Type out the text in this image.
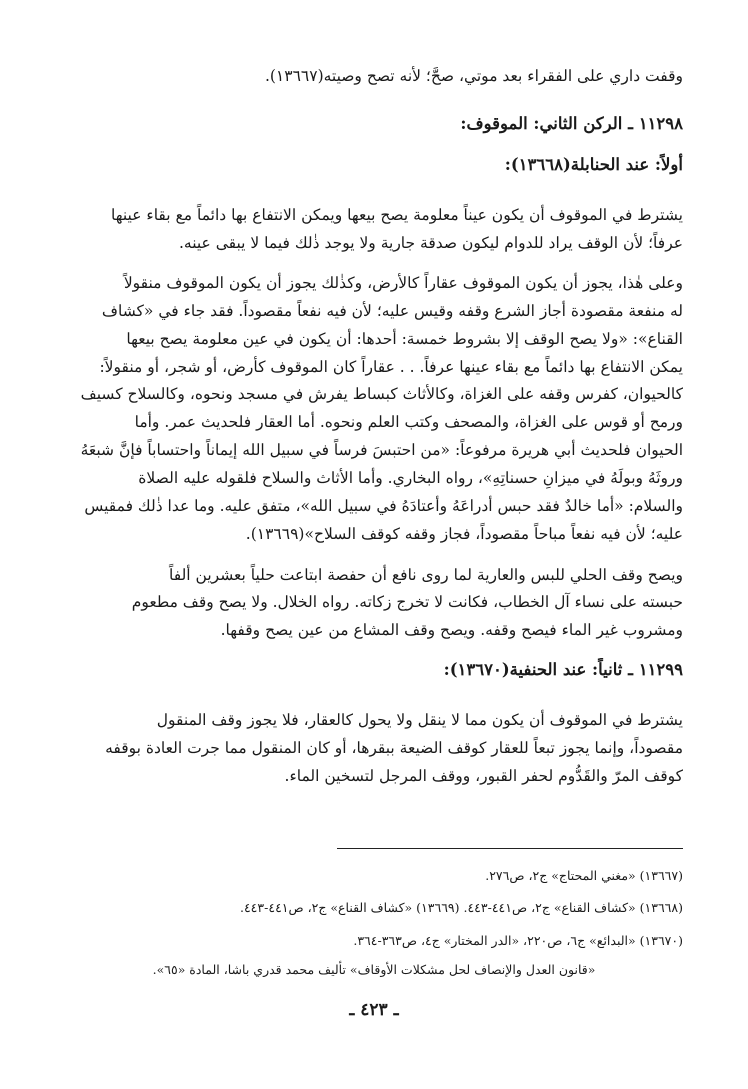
وقفت داري على الفقراء بعد موتي، صحَّ؛ لأنه تصح وصيته(١٣٦٦٧).
١١٢٩٨ ـ الركن الثاني: الموقوف:
أولاً: عند الحنابلة(١٣٦٦٨):
يشترط في الموقوف أن يكون عيناً معلومة يصح بيعها ويمكن الانتفاع بها دائماً مع بقاء عينها
عرفاً؛ لأن الوقف يراد للدوام ليكون صدقة جارية ولا يوجد ذٰلك فيما لا يبقى عينه.
وعلى هٰذا، يجوز أن يكون الموقوف عقاراً كالأرض، وكذٰلك يجوز أن يكون الموقوف منقولاً
له منفعة مقصودة أجاز الشرع وقفه وقيس عليه؛ لأن فيه نفعاً مقصوداً. فقد جاء في «كشاف
القناع»: «ولا يصح الوقف إلا بشروط خمسة: أحدها: أن يكون في عين معلومة يصح بيعها
يمكن الانتفاع بها دائماً مع بقاء عينها عرفاً. . . عقاراً كان الموقوف كأرض، أو شجر، أو منقولاً:
كالحيوان، كفرس وقفه على الغزاة، وكالأثاث كبساط يفرش في مسجد ونحوه، وكالسلاح كسيف
ورمح أو قوس على الغزاة، والمصحف وكتب العلم ونحوه. أما العقار فلحديث عمر. وأما
الحيوان فلحديث أبي هريرة مرفوعاً: «من احتبسَ فرساً في سبيل الله إيماناً واحتساباً فإنَّ شبعَهُ
وروثَهُ وبولَهُ في ميزانِ حسناتِهِ»، رواه البخاري. وأما الأثاث والسلاح فلقوله عليه الصلاة
والسلام: «أما خالدٌ فقد حبس أدراعَهُ وأعتادَهُ في سبيل الله»، متفق عليه. وما عدا ذٰلك فمقيس
عليه؛ لأن فيه نفعاً مباحاً مقصوداً، فجاز وقفه كوقف السلاح»(١٣٦٦٩).
ويصح وقف الحلي للبس والعارية لما روى نافع أن حفصة ابتاعت حلياً بعشرين ألفاً
حبسته على نساء آل الخطاب، فكانت لا تخرج زكاته. رواه الخلال. ولا يصح وقف مطعوم
ومشروب غير الماء فيصح وقفه. ويصح وقف المشاع من عين يصح وقفها.
١١٢٩٩ ـ ثانياً: عند الحنفية(١٣٦٧٠):
يشترط في الموقوف أن يكون مما لا ينقل ولا يحول كالعقار، فلا يجوز وقف المنقول
مقصوداً، وإنما يجوز تبعاً للعقار كوقف الضيعة ببقرها، أو كان المنقول مما جرت العادة بوقفه
كوقف المرّ والقَدُّوم لحفر القبور، ووقف المرجل لتسخين الماء.
(١٣٦٦٧) «مغني المحتاج» ج٢، ص٢٧٦.
(١٣٦٦٨) «كشاف القناع» ج٢، ص٤٤١-٤٤٣. (١٣٦٦٩) «كشاف القناع» ج٢، ص٤٤١-٤٤٣.
(١٣٦٧٠) «البدائع» ج٦، ص٢٢٠، «الدر المختار» ج٤، ص٣٦٣-٣٦٤.
«قانون العدل والإنصاف لحل مشكلات الأوقاف» تأليف محمد قدري باشا، المادة «٦٥».
ـ ٤٢٣ ـ
